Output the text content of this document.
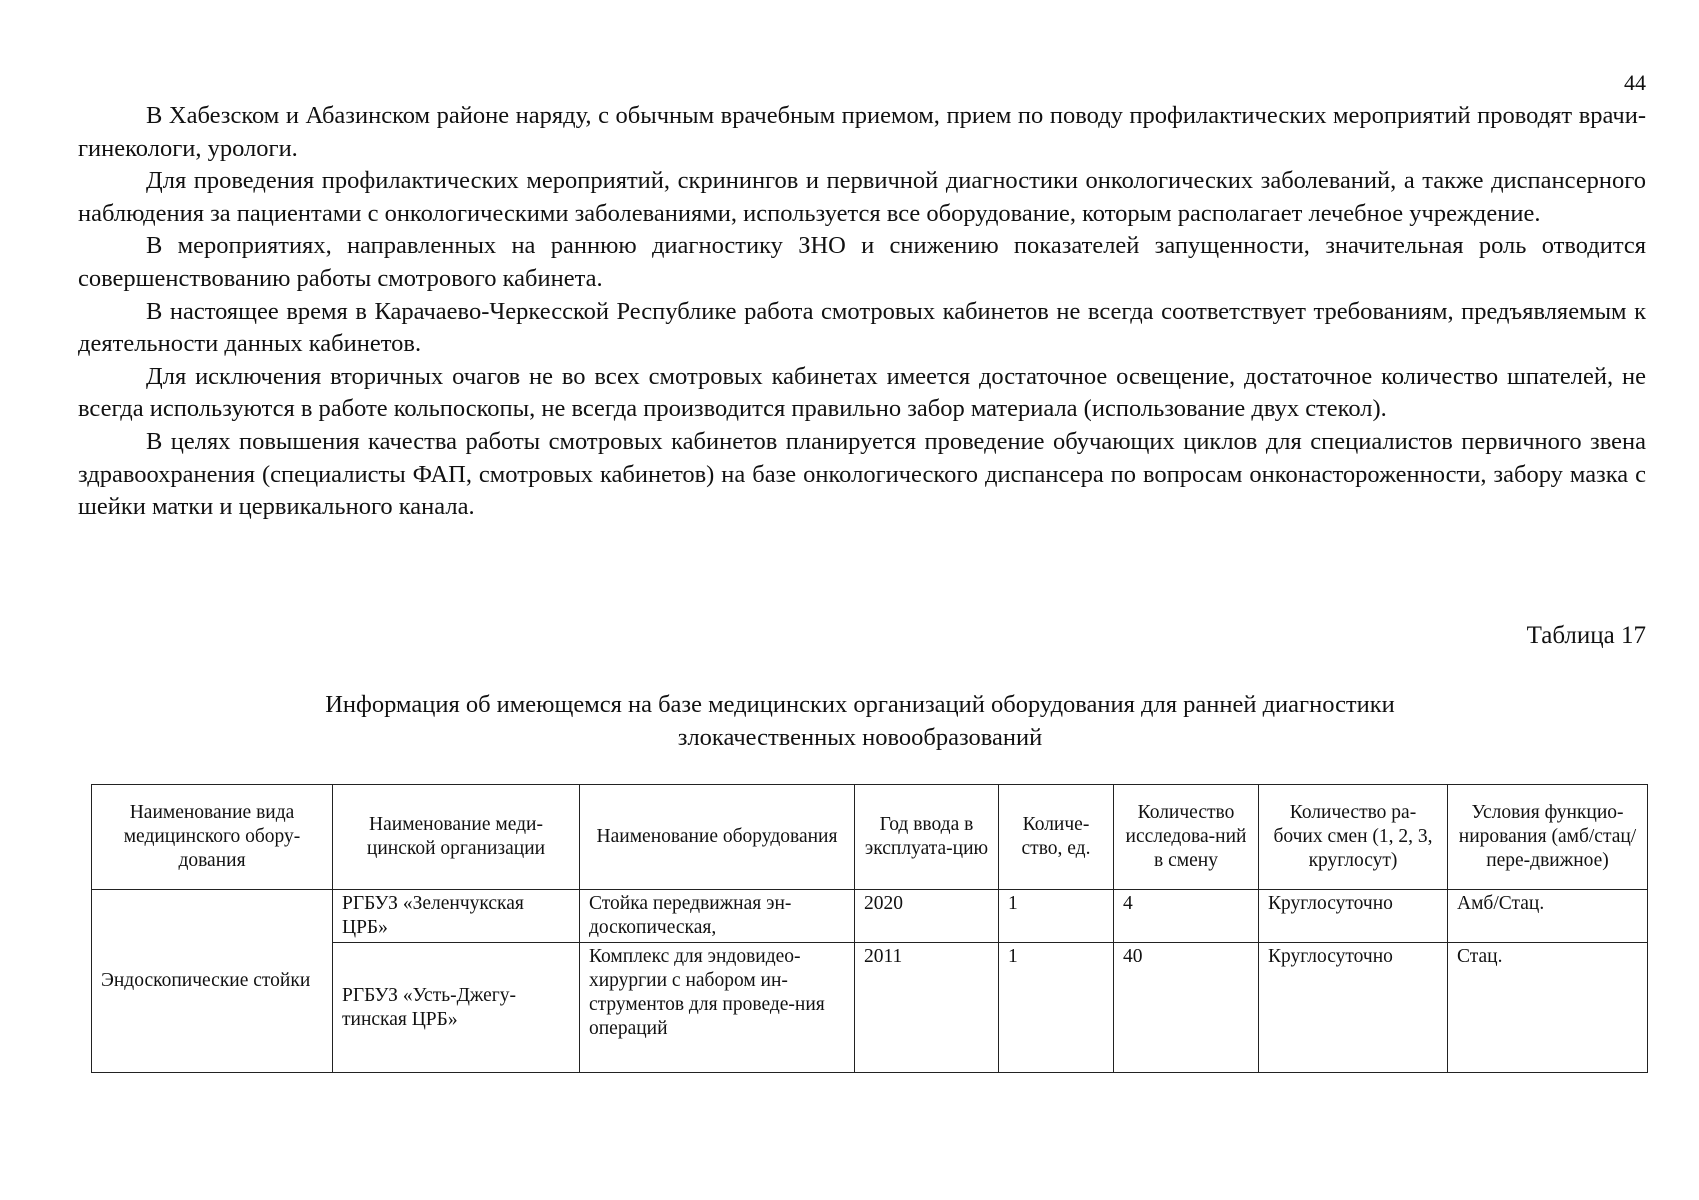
44

В Хабезском и Абазинском районе наряду, с обычным врачебным приемом, прием по поводу профилактических мероприятий проводят врачи-гинекологи, урологи.

Для проведения профилактических мероприятий, скринингов и первичной диагностики онкологических заболеваний, а также диспансерного наблюдения за пациентами с онкологическими заболеваниями, используется все оборудование, которым располагает лечебное учреждение.

В мероприятиях, направленных на раннюю диагностику ЗНО и снижению показателей запущенности, значительная роль отводится совершенствованию работы смотрового кабинета.

В настоящее время в Карачаево-Черкесской Республике работа смотровых кабинетов не всегда соответствует требованиям, предъявляемым к деятельности данных кабинетов.

Для исключения вторичных очагов не во всех смотровых кабинетах имеется достаточное освещение, достаточное количество шпателей, не всегда используются в работе кольпоскопы, не всегда производится правильно забор материала (использование двух стекол).

В целях повышения качества работы смотровых кабинетов планируется проведение обучающих циклов для специалистов первичного звена здравоохранения (специалисты ФАП, смотровых кабинетов) на базе онкологического диспансера по вопросам онконастороженности, забору мазка с шейки матки и цервикального канала.

Таблица 17
Информация об имеющемся на базе медицинских организаций оборудования для ранней диагностики
злокачественных новообразований
Наименование вида медицинского обору-дования	Наименование меди-цинской организации	Наименование оборудования	Год ввода в эксплуата-цию	Количе-ство, ед.	Количество исследова-ний в смену	Количество ра-бочих смен (1, 2, 3, круглосут)	Условия функцио-нирования (амб/стац/пере-движное)
Эндоскопические стойки	РГБУЗ «Зеленчукская ЦРБ»	Стойка передвижная эн-доскопическая,	2020	1	4	Круглосуточно	Амб/Стац.
	РГБУЗ «Усть-Джегу-тинская ЦРБ»	Комплекс для эндовидео-хирургии с набором ин-струментов для проведе-ния операций	2011	1	40	Круглосуточно	Стац.
